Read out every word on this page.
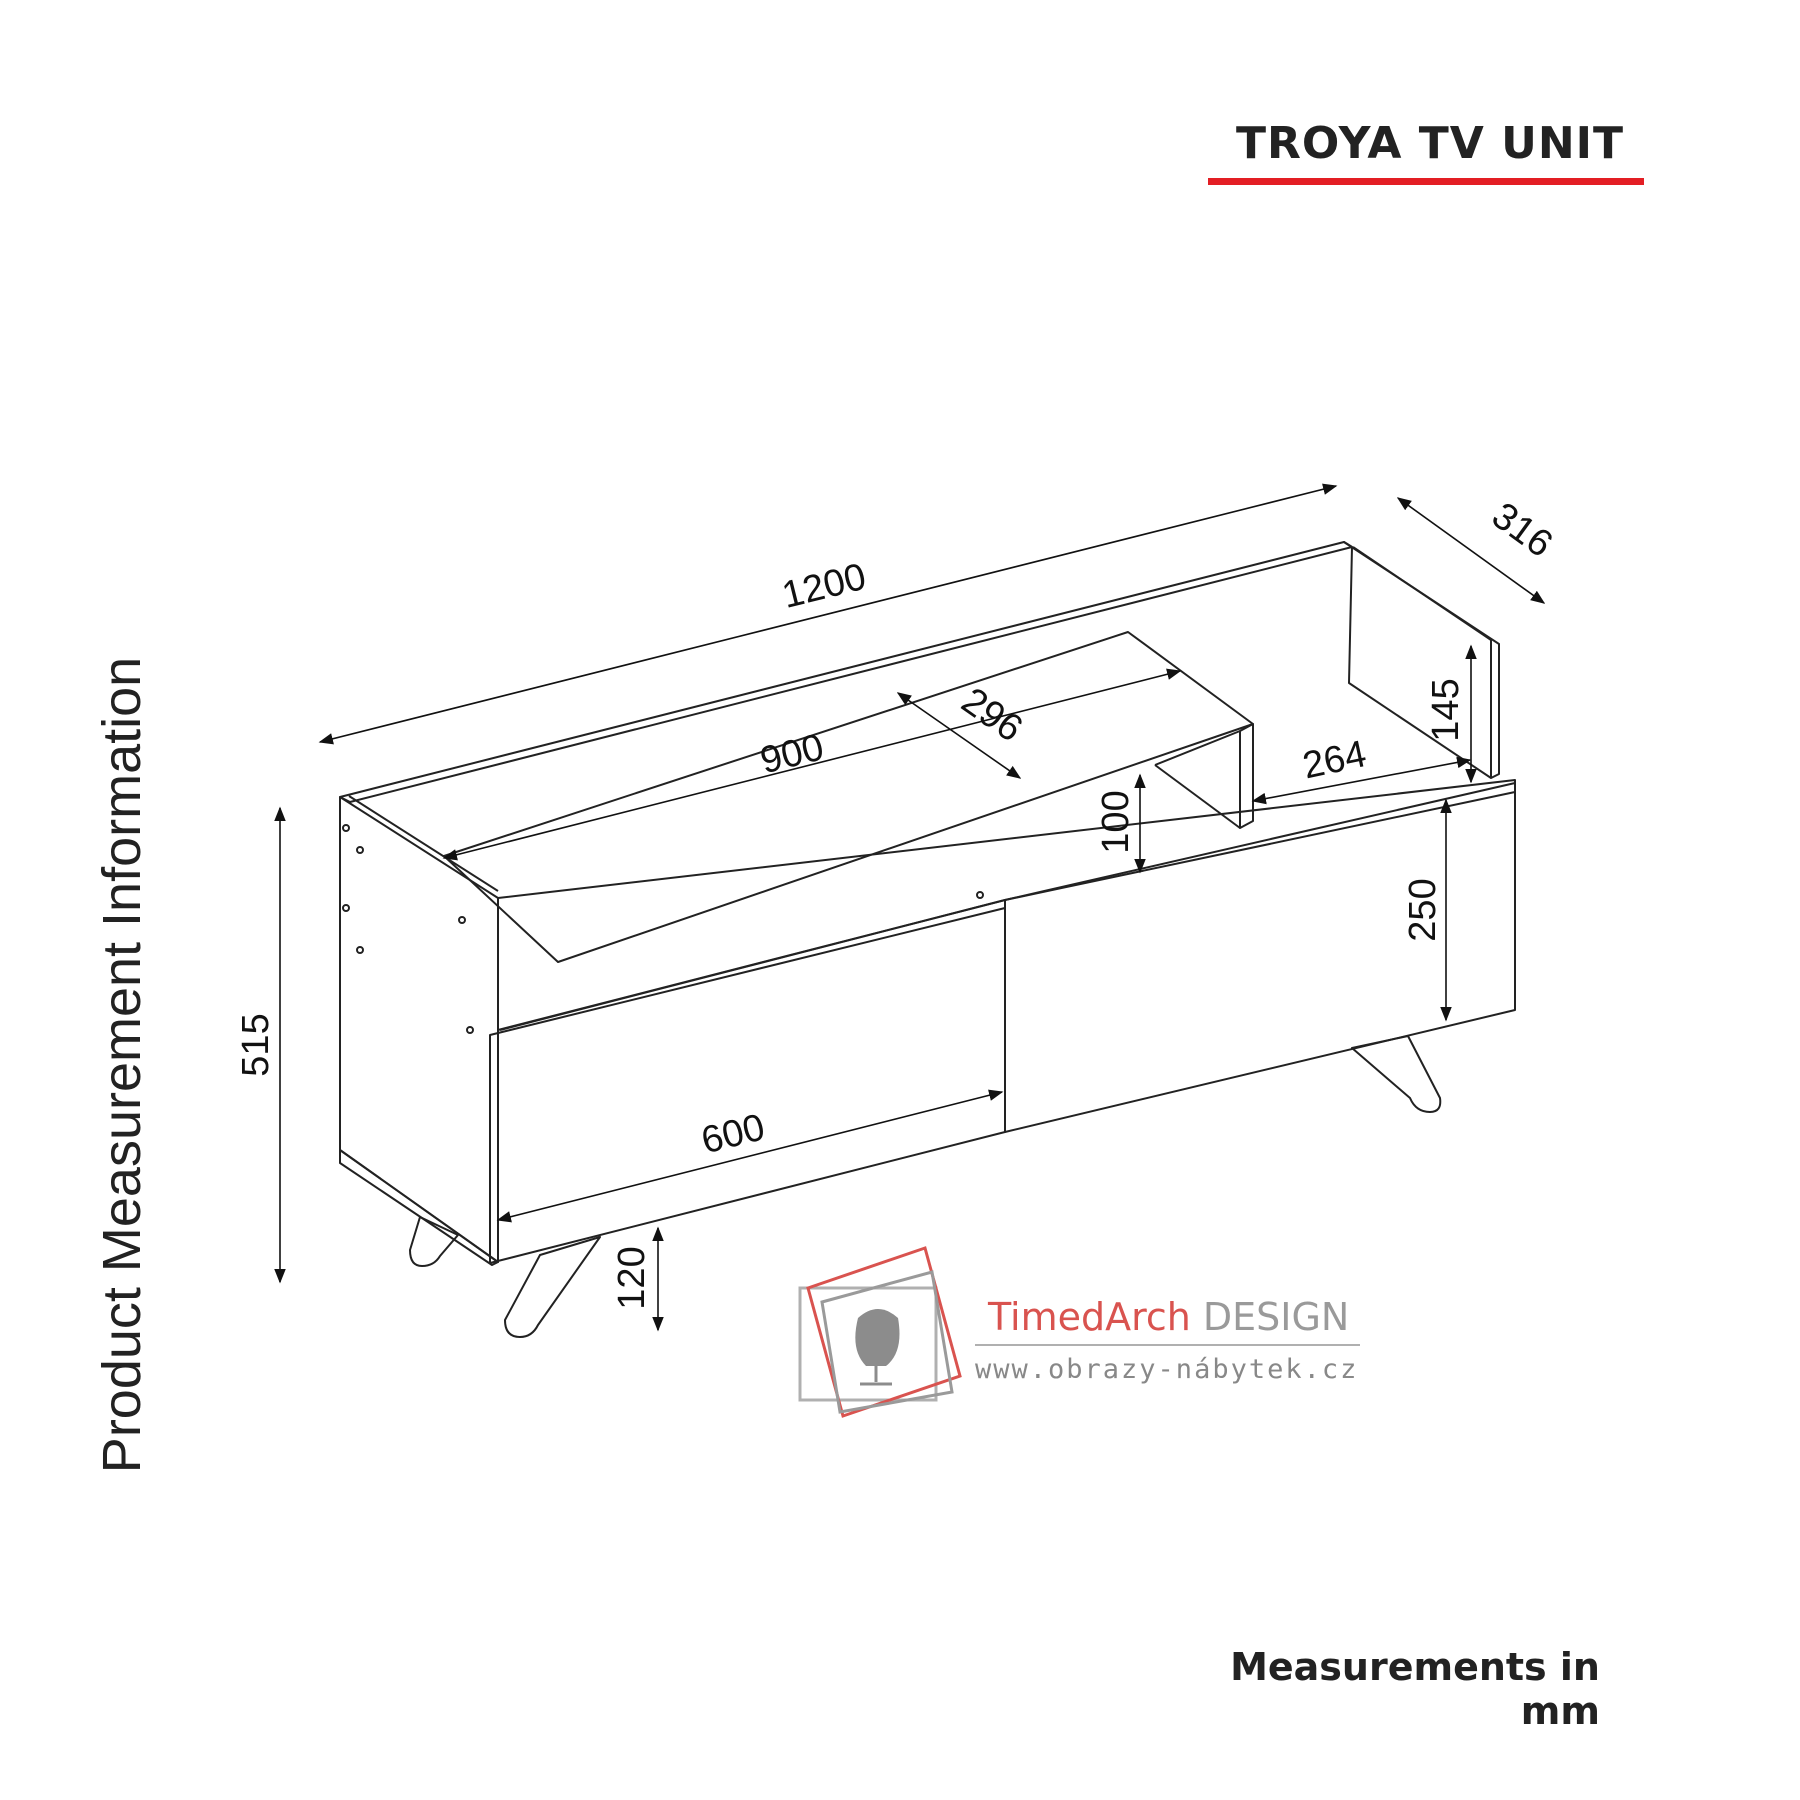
TROYA TV UNIT
Product Measurement Information
1200
316
900
296
264
145
100
250
515
600
120
TimedArch DESIGN
www.obrazy-nábytek.cz
Measurements in mm
